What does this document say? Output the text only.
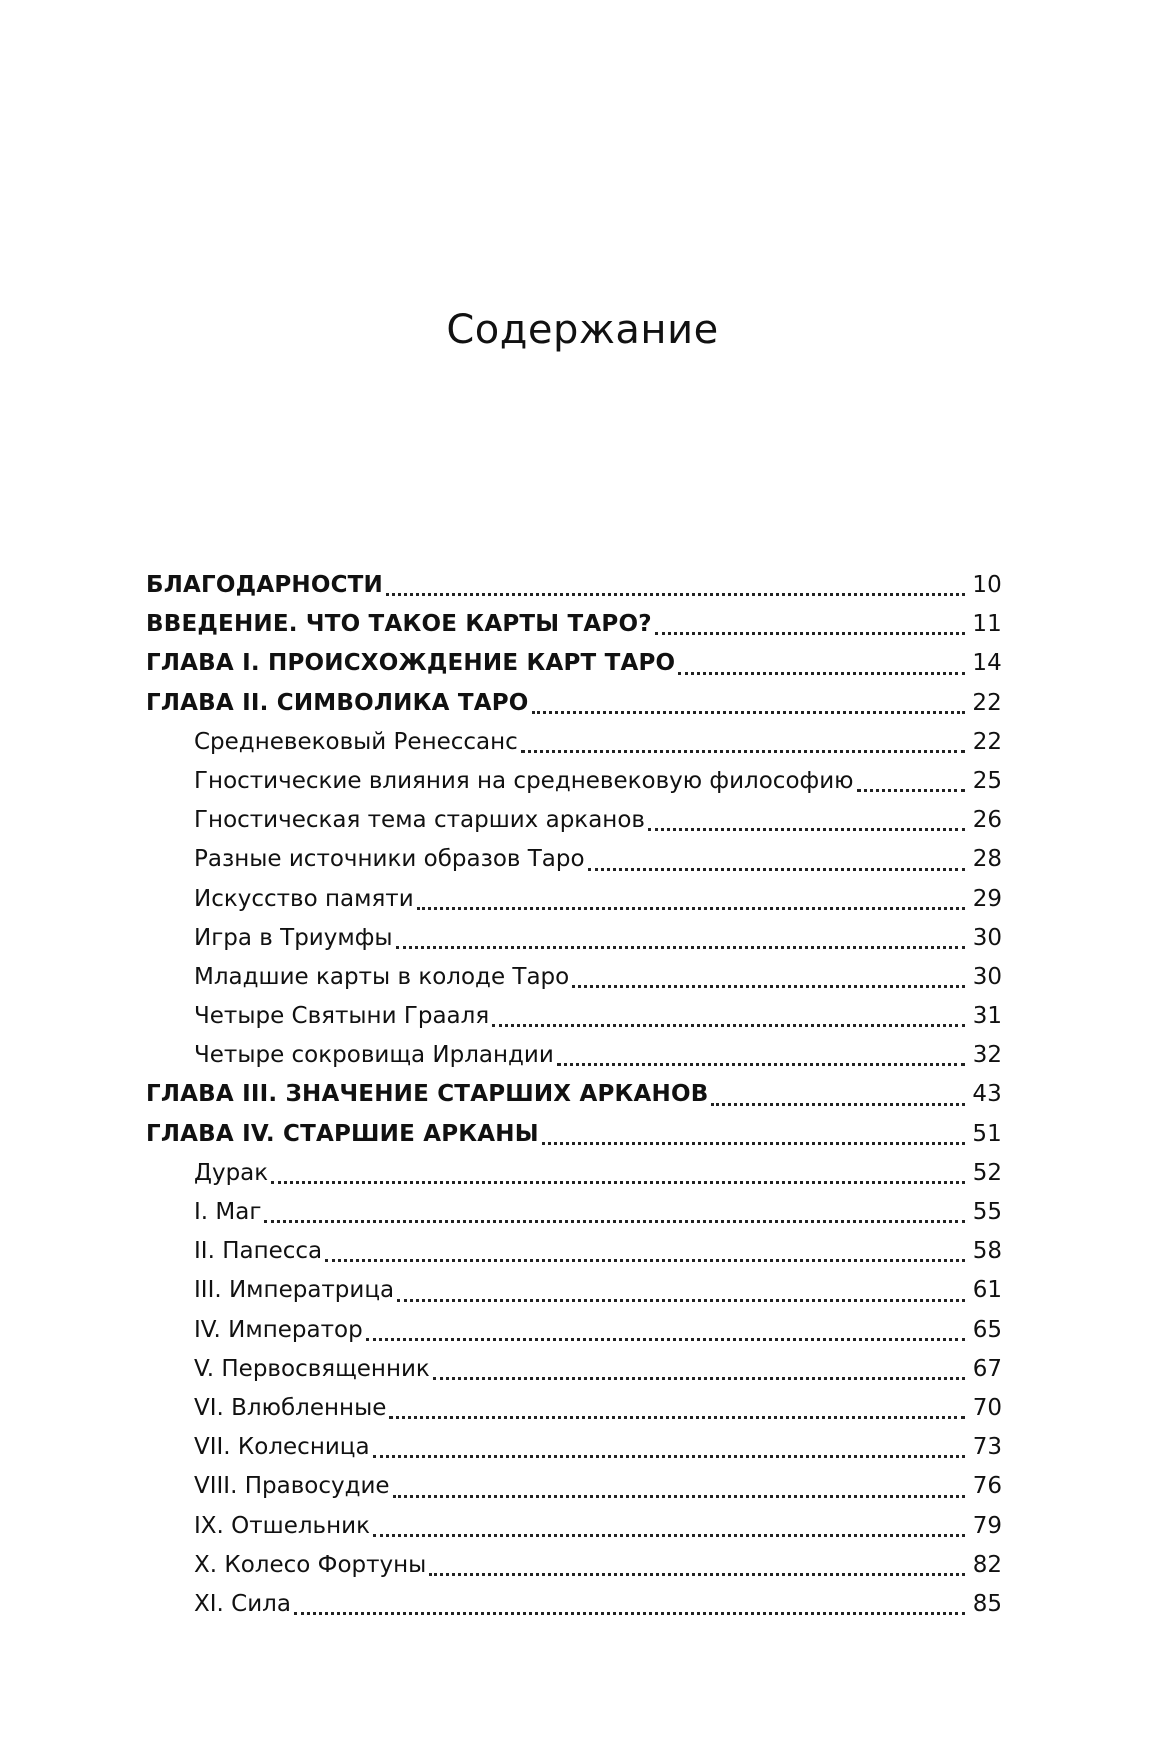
Содержание
БЛАГОДАРНОСТИ	10
ВВЕДЕНИЕ. ЧТО ТАКОЕ КАРТЫ ТАРО?	11
ГЛАВА I. ПРОИСХОЖДЕНИЕ КАРТ ТАРО	14
ГЛАВА II. СИМВОЛИКА ТАРО	22
Средневековый Ренессанс	22
Гностические влияния на средневековую философию	25
Гностическая тема старших арканов	26
Разные источники образов Таро	28
Искусство памяти	29
Игра в Триумфы	30
Младшие карты в колоде Таро	30
Четыре Святыни Грааля	31
Четыре сокровища Ирландии	32
ГЛАВА III. ЗНАЧЕНИЕ СТАРШИХ АРКАНОВ	43
ГЛАВА IV. СТАРШИЕ АРКАНЫ	51
Дурак	52
I. Маг	55
II. Папесса	58
III. Императрица	61
IV. Император	65
V. Первосвященник	67
VI. Влюбленные	70
VII. Колесница	73
VIII. Правосудие	76
IX. Отшельник	79
X. Колесо Фортуны	82
XI. Сила	85
